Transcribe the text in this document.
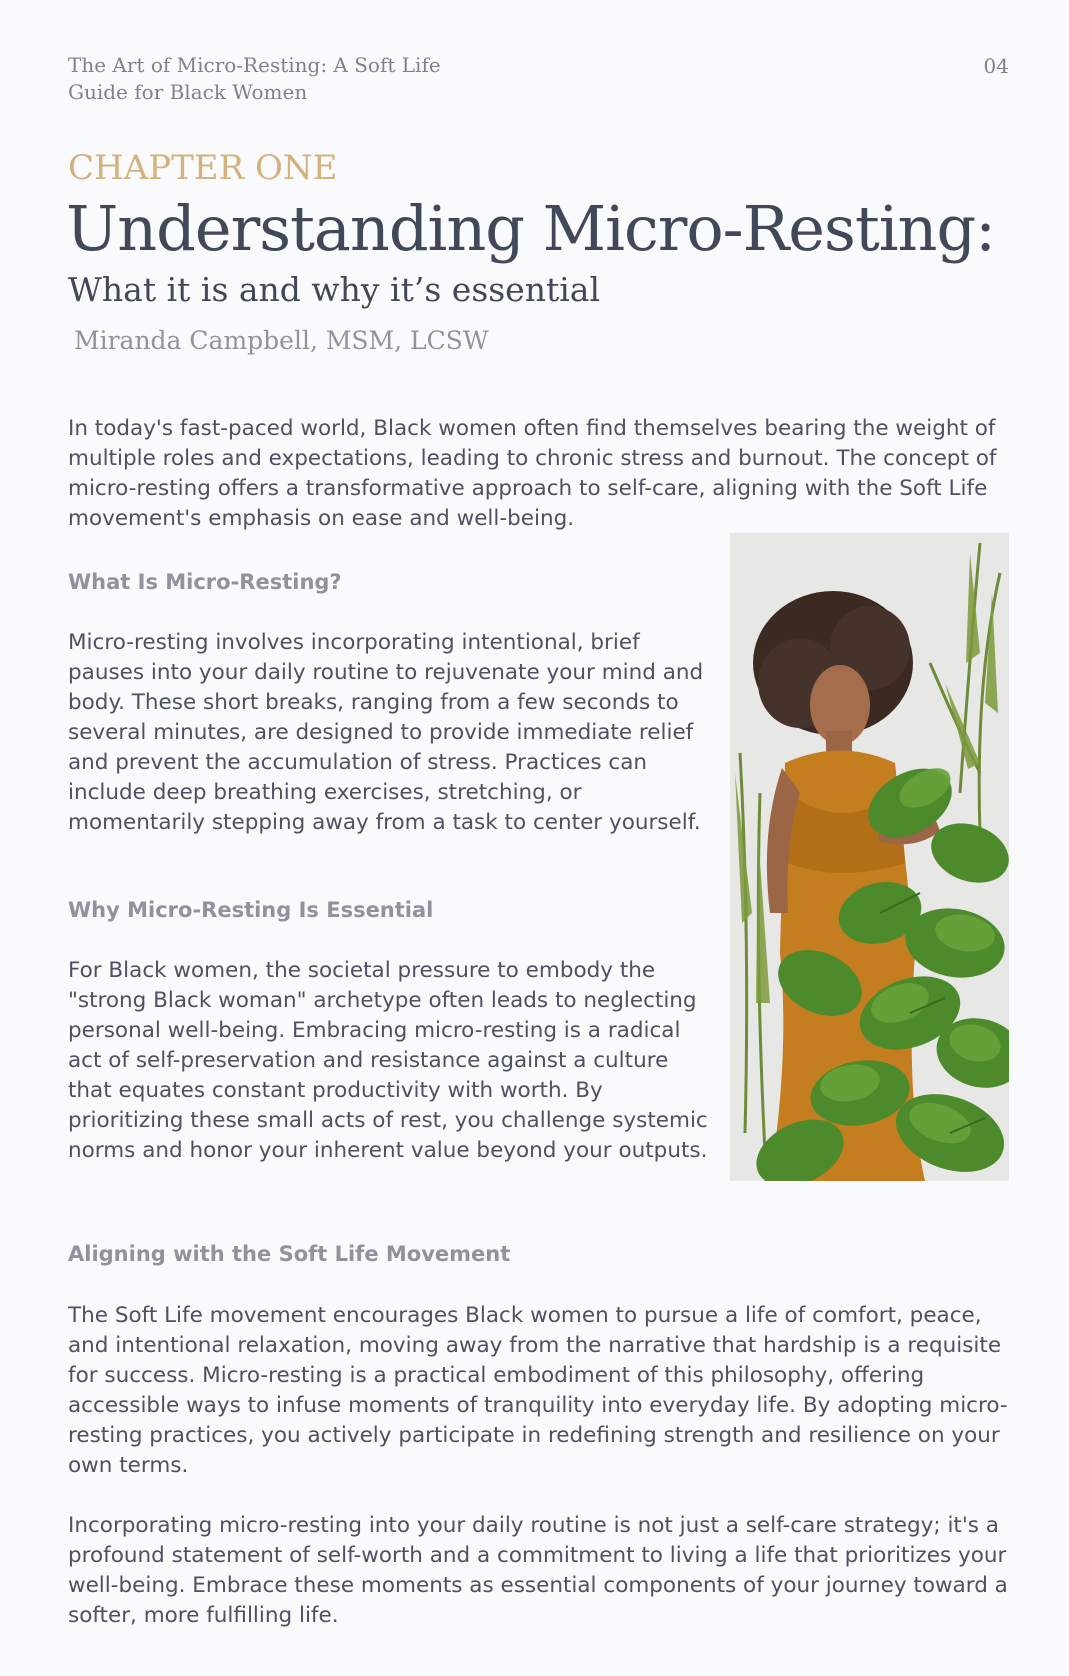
The Art of Micro-Resting: A Soft Life Guide for Black Women
04
CHAPTER ONE
Understanding Micro-Resting:
What it is and why it’s essential
Miranda Campbell, MSM, LCSW

In today's fast-paced world, Black women often find themselves bearing the weight of multiple roles and expectations, leading to chronic stress and burnout. The concept of micro-resting offers a transformative approach to self-care, aligning with the Soft Life movement's emphasis on ease and well-being.

What Is Micro-Resting?

Micro-resting involves incorporating intentional, brief pauses into your daily routine to rejuvenate your mind and body. These short breaks, ranging from a few seconds to several minutes, are designed to provide immediate relief and prevent the accumulation of stress. Practices can include deep breathing exercises, stretching, or momentarily stepping away from a task to center yourself.

Why Micro-Resting Is Essential

For Black women, the societal pressure to embody the "strong Black woman" archetype often leads to neglecting personal well-being. Embracing micro-resting is a radical act of self-preservation and resistance against a culture that equates constant productivity with worth. By prioritizing these small acts of rest, you challenge systemic norms and honor your inherent value beyond your outputs.

Aligning with the Soft Life Movement

The Soft Life movement encourages Black women to pursue a life of comfort, peace, and intentional relaxation, moving away from the narrative that hardship is a requisite for success. Micro-resting is a practical embodiment of this philosophy, offering accessible ways to infuse moments of tranquility into everyday life. By adopting micro-resting practices, you actively participate in redefining strength and resilience on your own terms.

Incorporating micro-resting into your daily routine is not just a self-care strategy; it's a profound statement of self-worth and a commitment to living a life that prioritizes your well-being. Embrace these moments as essential components of your journey toward a softer, more fulfilling life.
